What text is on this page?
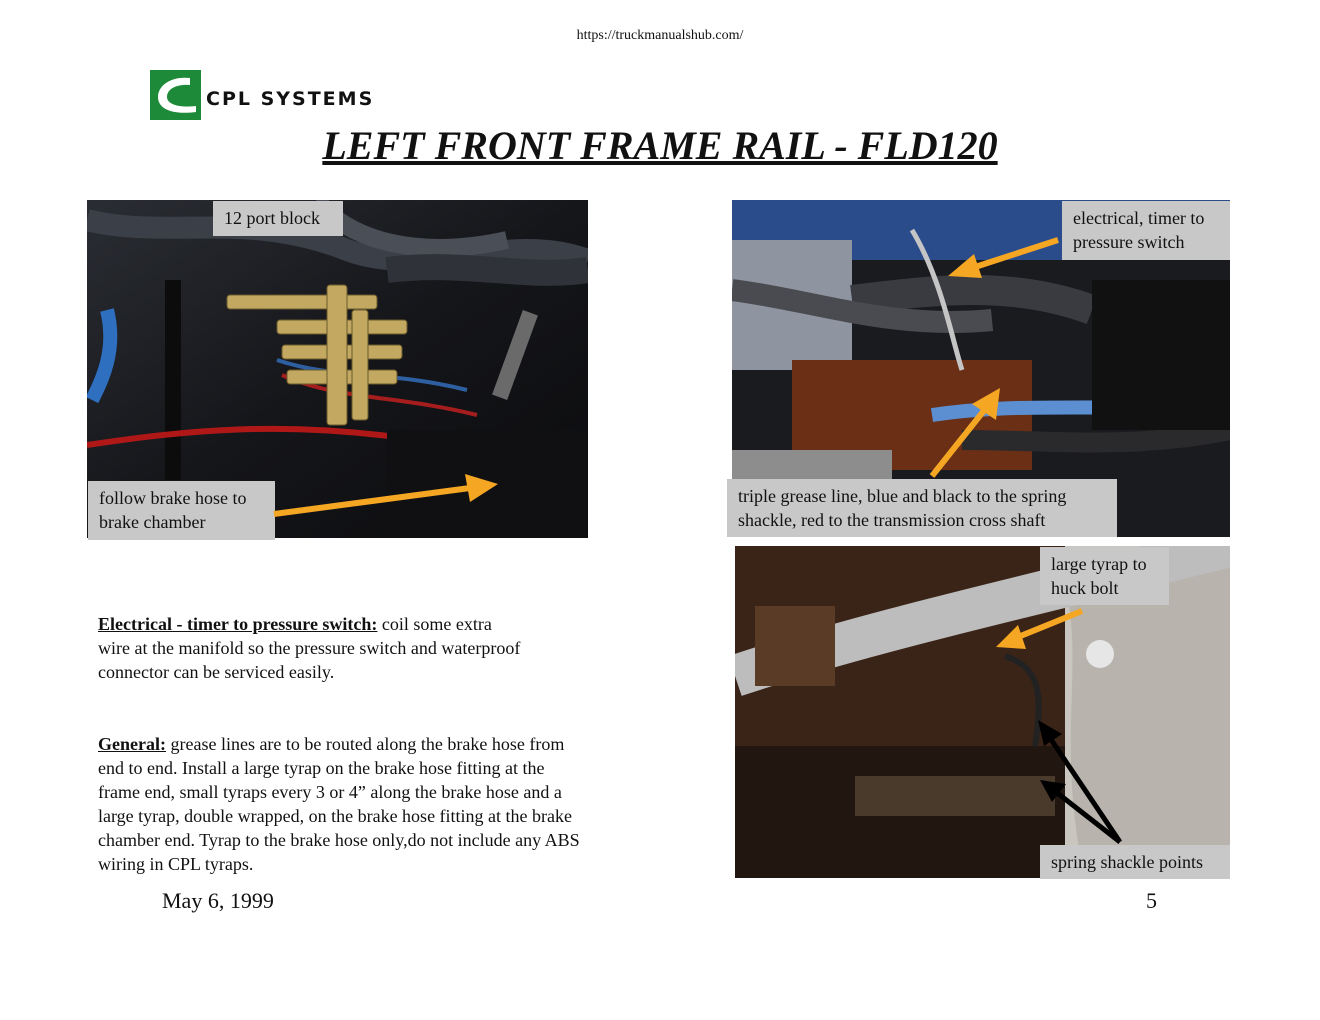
https://truckmanualshub.com/
CPL SYSTEMS
LEFT FRONT FRAME RAIL - FLD120
12 port block
follow brake hose to brake chamber
electrical, timer to pressure switch
triple grease line, blue and black to the spring shackle, red to the transmission cross shaft
large tyrap to huck bolt
spring shackle points
Electrical - timer to pressure switch: coil some extra wire at the manifold so the pressure switch and waterproof connector can be serviced easily.
General: grease lines are to be routed along the brake hose from end to end. Install a large tyrap on the brake hose fitting at the frame end, small tyraps every 3 or 4” along the brake hose and a large tyrap, double wrapped, on the brake hose fitting at the brake chamber end. Tyrap to the brake hose only,do not include any ABS wiring in CPL tyraps.
May 6, 1999	5
